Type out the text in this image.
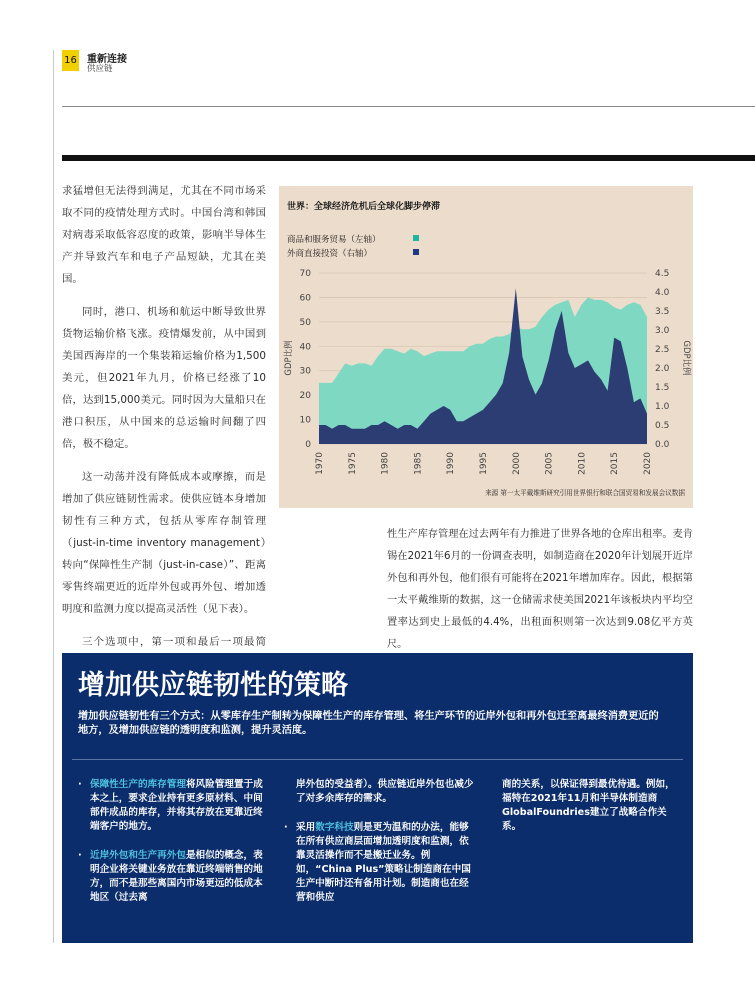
16 重新连接
供应链

求猛增但无法得到满足，尤其在不同市场采取不同的疫情处理方式时。中国台湾和韩国对病毒采取低容忍度的政策，影响半导体生产并导致汽车和电子产品短缺，尤其在美国。

同时，港口、机场和航运中断导致世界货物运输价格飞涨。疫情爆发前，从中国到美国西海岸的一个集装箱运输价格为1,500美元，但2021年九月，价格已经涨了10倍，达到15,000美元。同时因为大量船只在港口积压，从中国来的总运输时间翻了四倍，极不稳定。

这一动荡并没有降低成本或摩擦，而是增加了供应链韧性需求。使供应链本身增加韧性有三种方式，包括从零库存制管理（just-in-time inventory management）转向“保障性生产制（just-in-case）”、距离零售终端更近的近岸外包或再外包、增加透明度和监测力度以提高灵活性（见下表）。

三个选项中，第一项和最后一项最简

世界：全球经济危机后全球化脚步停滞
商品和服务贸易（左轴）
外商直接投资（右轴）
0
10
20
30
40
50
60
70
0.0
0.5
1.0
1.5
2.0
2.5
3.0
3.5
4.0
4.5
1970	1975	1980	1985	1990	1995	2000	2005	2010	2015	2020
GDP比例	GDP比例
来源 第一太平戴维斯研究引用世界银行和联合国贸易和发展会议数据

性生产库存管理在过去两年有力推进了世界各地的仓库出租率。麦肯锡在2021年6月的一份调查表明，如制造商在2020年计划展开近岸外包和再外包，他们很有可能将在2021年增加库存。因此，根据第一太平戴维斯的数据，这一仓储需求使美国2021年该板块内平均空置率达到史上最低的4.4%，出租面积则第一次达到9.08亿平方英尺。

增加供应链韧性的策略
增加供应链韧性有三个方式：从零库存生产制转为保障性生产的库存管理、将生产环节的近岸外包和再外包迁至离最终消费更近的地方，及增加供应链的透明度和监测，提升灵活度。
· 保障性生产的库存管理将风险管理置于成本之上，要求企业持有更多原材料、中间部件成品的库存，并将其存放在更靠近终端客户的地方。
· 近岸外包和生产再外包是相似的概念，表明企业将关键业务放在靠近终端销售的地方，而不是那些离国内市场更远的低成本地区（过去离
岸外包的受益者）。供应链近岸外包也减少了对多余库存的需求。
· 采用数字科技则是更为温和的办法，能够在所有供应商层面增加透明度和监测，依靠灵活操作而不是搬迁业务。例如，“China Plus”策略让制造商在中国生产中断时还有备用计划。制造商也在经营和供应
商的关系，以保证得到最优待遇。例如，福特在2021年11月和半导体制造商GlobalFoundries建立了战略合作关系。
